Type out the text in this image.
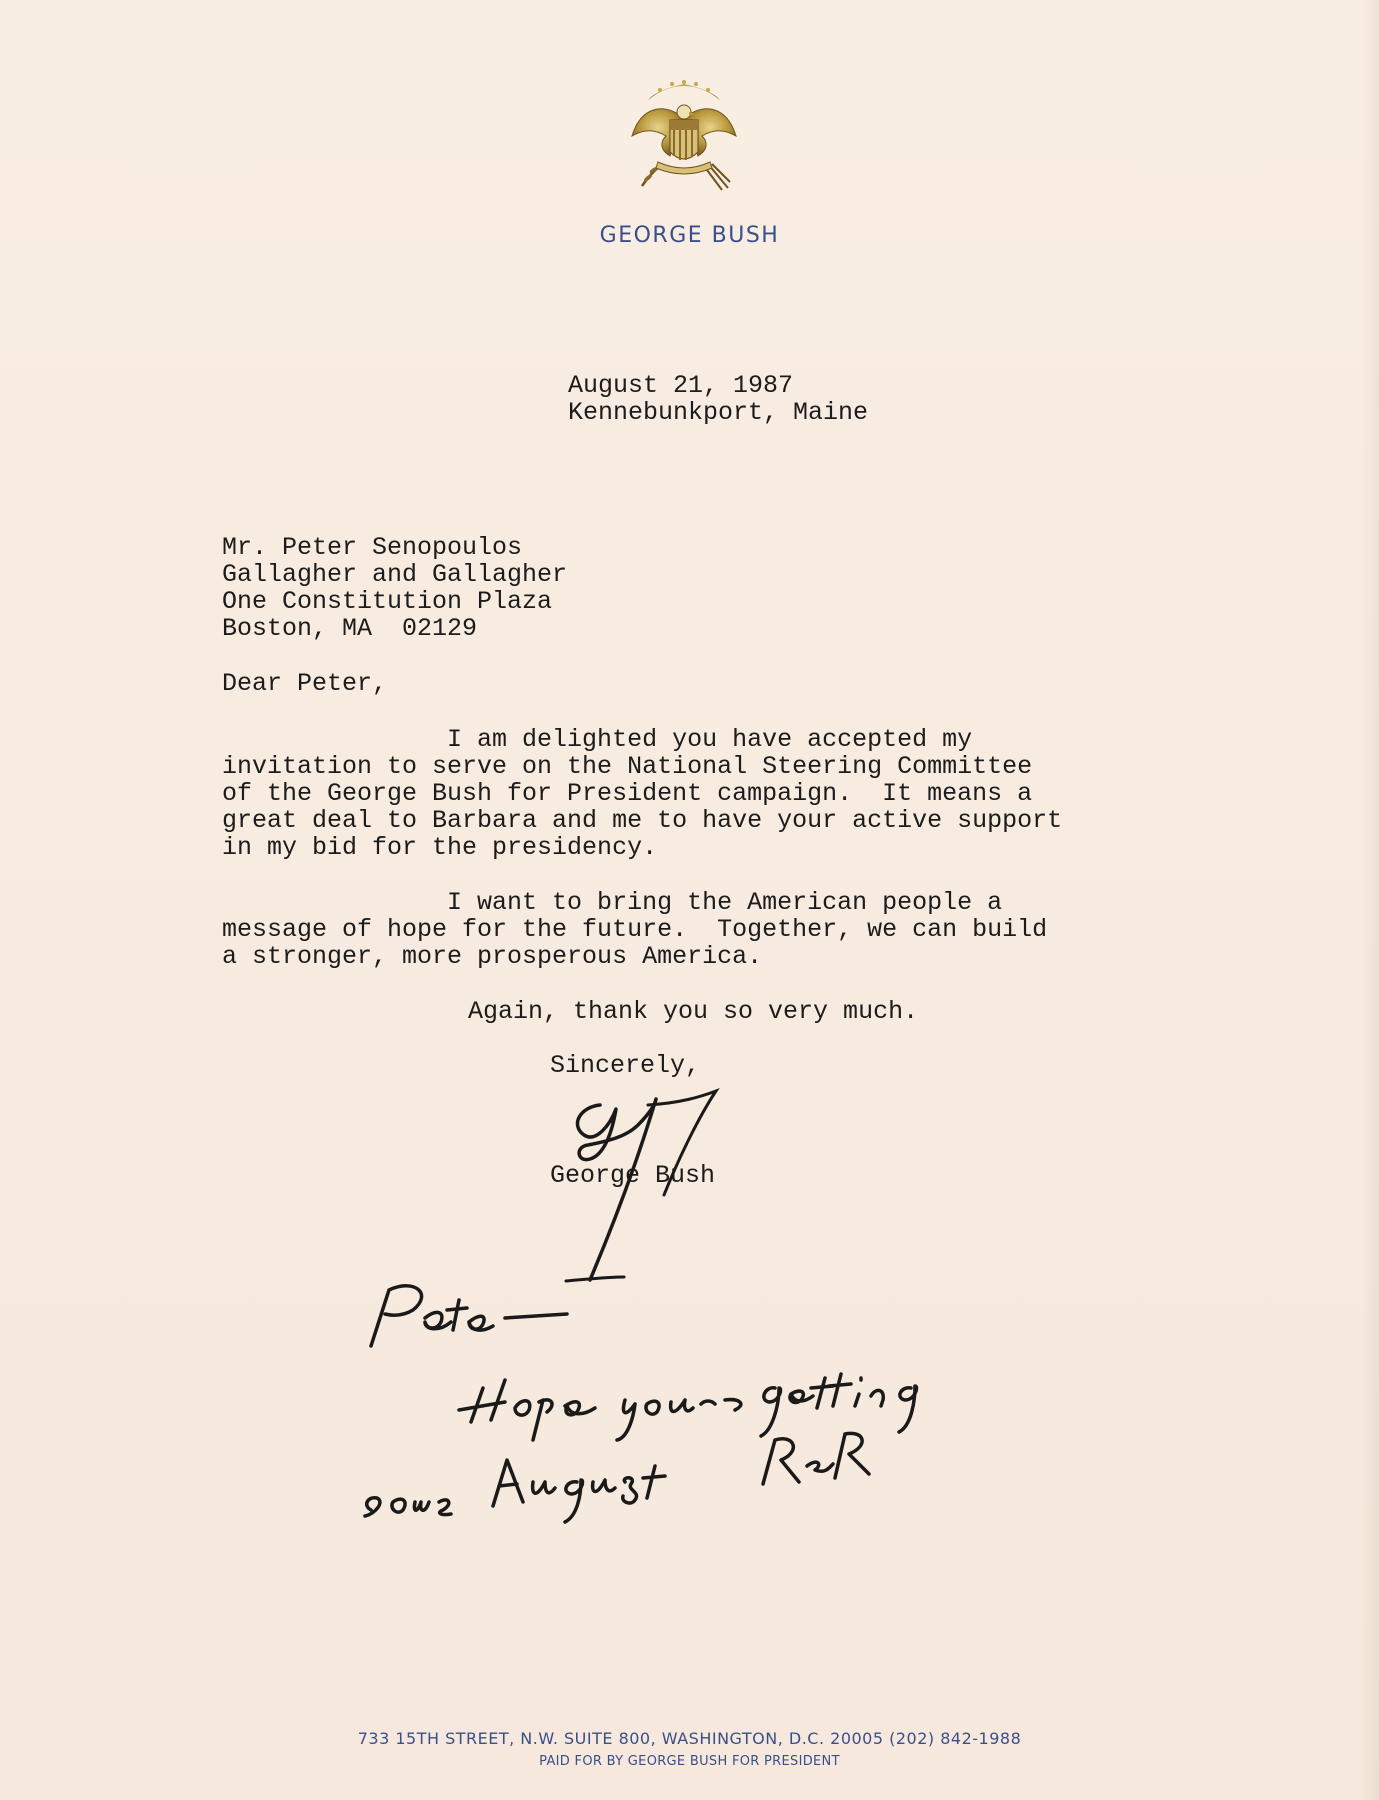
GEORGE BUSH
August 21, 1987
Kennebunkport, Maine
Mr. Peter Senopoulos
Gallagher and Gallagher
One Constitution Plaza
Boston, MA  02129
Dear Peter,
I am delighted you have accepted my
invitation to serve on the National Steering Committee
of the George Bush for President campaign.  It means a
great deal to Barbara and me to have your active support
in my bid for the presidency.
I want to bring the American people a
message of hope for the future.  Together, we can build
a stronger, more prosperous America.
Again, thank you so very much.
Sincerely,
George Bush
733 15TH STREET, N.W. SUITE 800, WASHINGTON, D.C. 20005 (202) 842-1988
PAID FOR BY GEORGE BUSH FOR PRESIDENT
